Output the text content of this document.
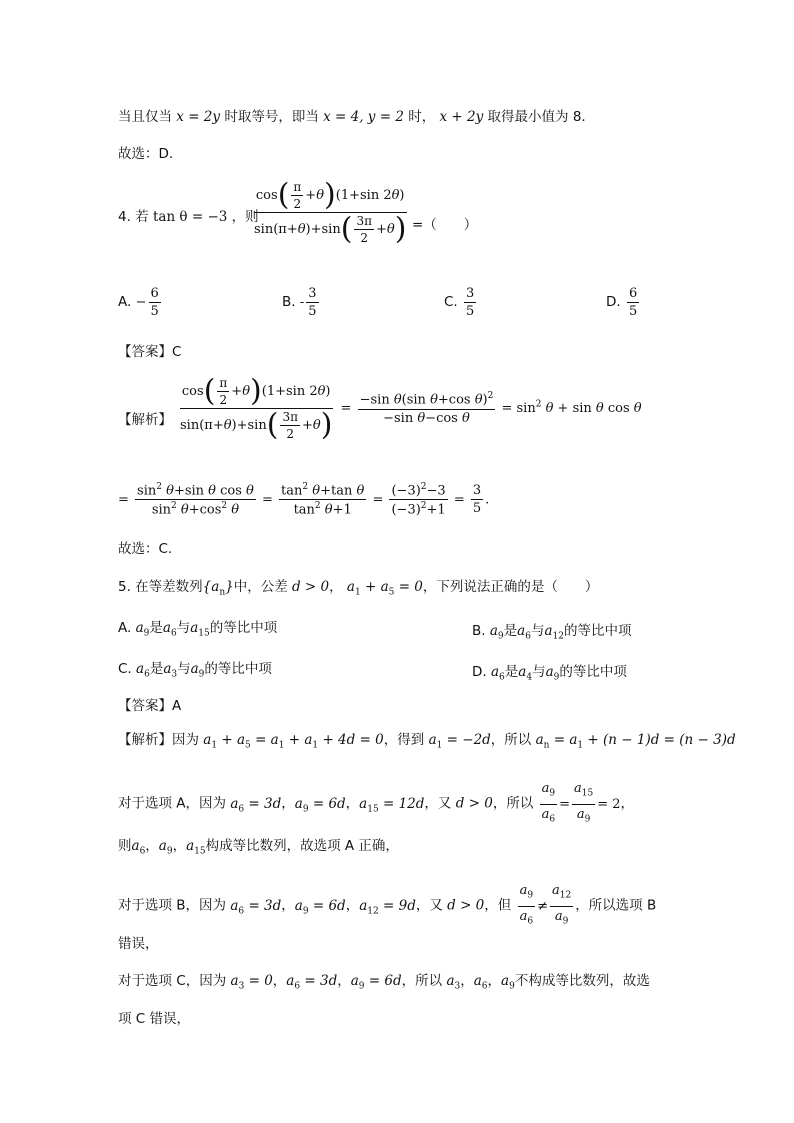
当且仅当 x = 2y 时取等号，即当 x = 4, y = 2 时， x + 2y 取得最小值为 8.
故选：D.
4. 若 tan θ = −3 ，则
$\frac{\cos( \frac{\pi}{2} +\theta)(1+\sin 2\theta)}{\sin(\pi+\theta)+\sin( \frac{3\pi}{2} +\theta)}$ =（　　）
A. − $\frac{6}{5}$	B. - $\frac{3}{5}$	C. $\frac{3}{5}$	D. $\frac{6}{5}$
【答案】C
【解析】 $\frac{\cos( \frac{\pi}{2} +\theta)(1+\sin 2\theta)}{\sin(\pi+\theta)+\sin( \frac{3\pi}{2} +\theta)} = \frac{-\sin \theta(\sin \theta+\cos \theta)^2}{\text{−sin θ−cos θ}} = \sin^2 \theta + \sin \theta$ cos θ
= $\frac{\sin^2 \theta+\sin \theta \cos \theta}{\sin^2 \theta+\cos^2 \theta} = \frac{\tan^2 \theta+\tan \theta}{\tan^2 \theta+1} = \frac{(-3)^2-3}{(-3)^2+1} = \frac{3}{5}$ .
故选：C.
5. 在等差数列$\{a_n\}$中，公差 d > 0， $a_1 + a_5 = 0$，下列说法正确的是（　　）
A. $a_9$是$a_6$与$a_{15}$的等比中项	B. $a_9$是$a_6$与$a_{12}$的等比中项
C. $a_6$是$a_3$与$a_9$的等比中项	D. $a_6$是$a_4$与$a_9$的等比中项
【答案】A
【解析】因为 $a_1 + a_5 = a_1 + a_1 + 4d = 0$，得到 $a_1 = -2d$，所以 $a_n = a_1 + (n - 1)d = (n - 3)d$
对于选项 A，因为 $a_6 = 3d$，$a_9 = 6d$，$a_{15} = 12d$，又 d > 0，所以 $\frac{a_9}{a_6} = \frac{a_{15}}{a_9} = 2$，
则$a_6$，$a_9$，$a_{15}$构成等比数列，故选项 A 正确，
对于选项 B，因为 $a_6 = 3d$，$a_9 = 6d$，$a_{12} = 9d$，又 d > 0，但 $\frac{a_9}{a_6} \ne \frac{a_{12}}{a_9}$ ，所以选项 B
错误，
对于选项 C，因为 $a_3 = 0$，$a_6 = 3d$，$a_9 = 6d$，所以 $a_3$，$a_6$，$a_9$不构成等比数列，故选
项 C 错误，
